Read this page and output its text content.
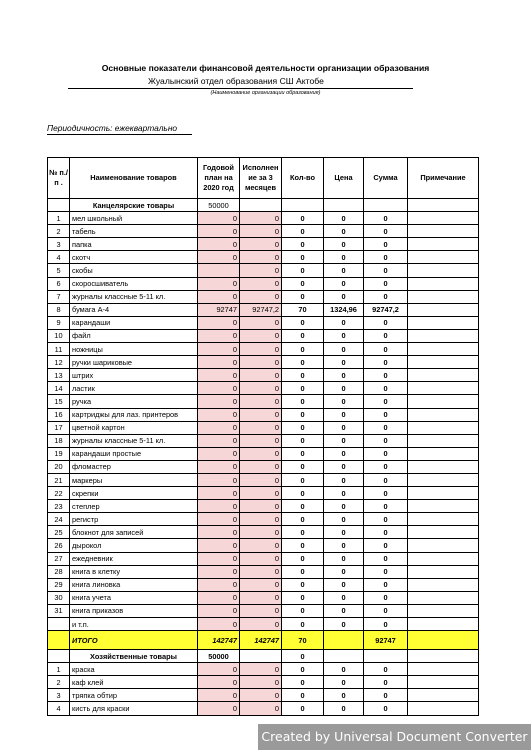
Основные показатели финансовой деятельности организации образования
Жуалынский отдел образования СШ Актобе
(Наименование организации образования)
Периодичность: ежеквартально
№ п./п .	Наименование товаров	Годовой план на 2020 год	Исполнен ие за 3 месяцев	Кол-во	Цена	Сумма	Примечание
	Канцелярские товары	50000					
1	мел школьный	0	0	0	0	0	
2	табель	0	0	0	0	0	
3	папка	0	0	0	0	0	
4	скотч	0	0	0	0	0	
5	скобы		0	0	0	0	
6	скоросшиватель	0	0	0	0	0	
7	журналы классные 5-11 кл.	0	0	0	0	0	
8	бумага А-4	92747	92747,2	70	1324,96	92747,2	
9	карандаши	0	0	0	0	0	
10	файл	0	0	0	0	0	
11	ножницы	0	0	0	0	0	
12	ручки шариковые	0	0	0	0	0	
13	штрих	0	0	0	0	0	
14	ластик	0	0	0	0	0	
15	ручка	0	0	0	0	0	
16	картриджы для лаз. принтеров	0	0	0	0	0	
17	цветной картон	0	0	0	0	0	
18	журналы классные 5-11 кл.	0	0	0	0	0	
19	карандаши простые	0	0	0	0	0	
20	фломастер	0	0	0	0	0	
21	маркеры	0	0	0	0	0	
22	скрепки	0	0	0	0	0	
23	степлер	0	0	0	0	0	
24	регистр	0	0	0	0	0	
25	блокнот для записей	0	0	0	0	0	
26	дырокол	0	0	0	0	0	
27	ежедневник	0	0	0	0	0	
28	книга в клетку	0	0	0	0	0	
29	книга линовка	0	0	0	0	0	
30	книга учета	0	0	0	0	0	
31	книга приказов	0	0	0	0	0	
	и т.п.	0	0	0	0	0	
	ИТОГО	142747	142747	70		92747	
	Хозяйственные товары	50000		0			
1	краска	0	0	0	0	0	
2	каф клей	0	0	0	0	0	
3	тряпка обтир	0	0	0	0	0	
4	кисть для краски	0	0	0	0	0	
Created by Universal Document Converter
